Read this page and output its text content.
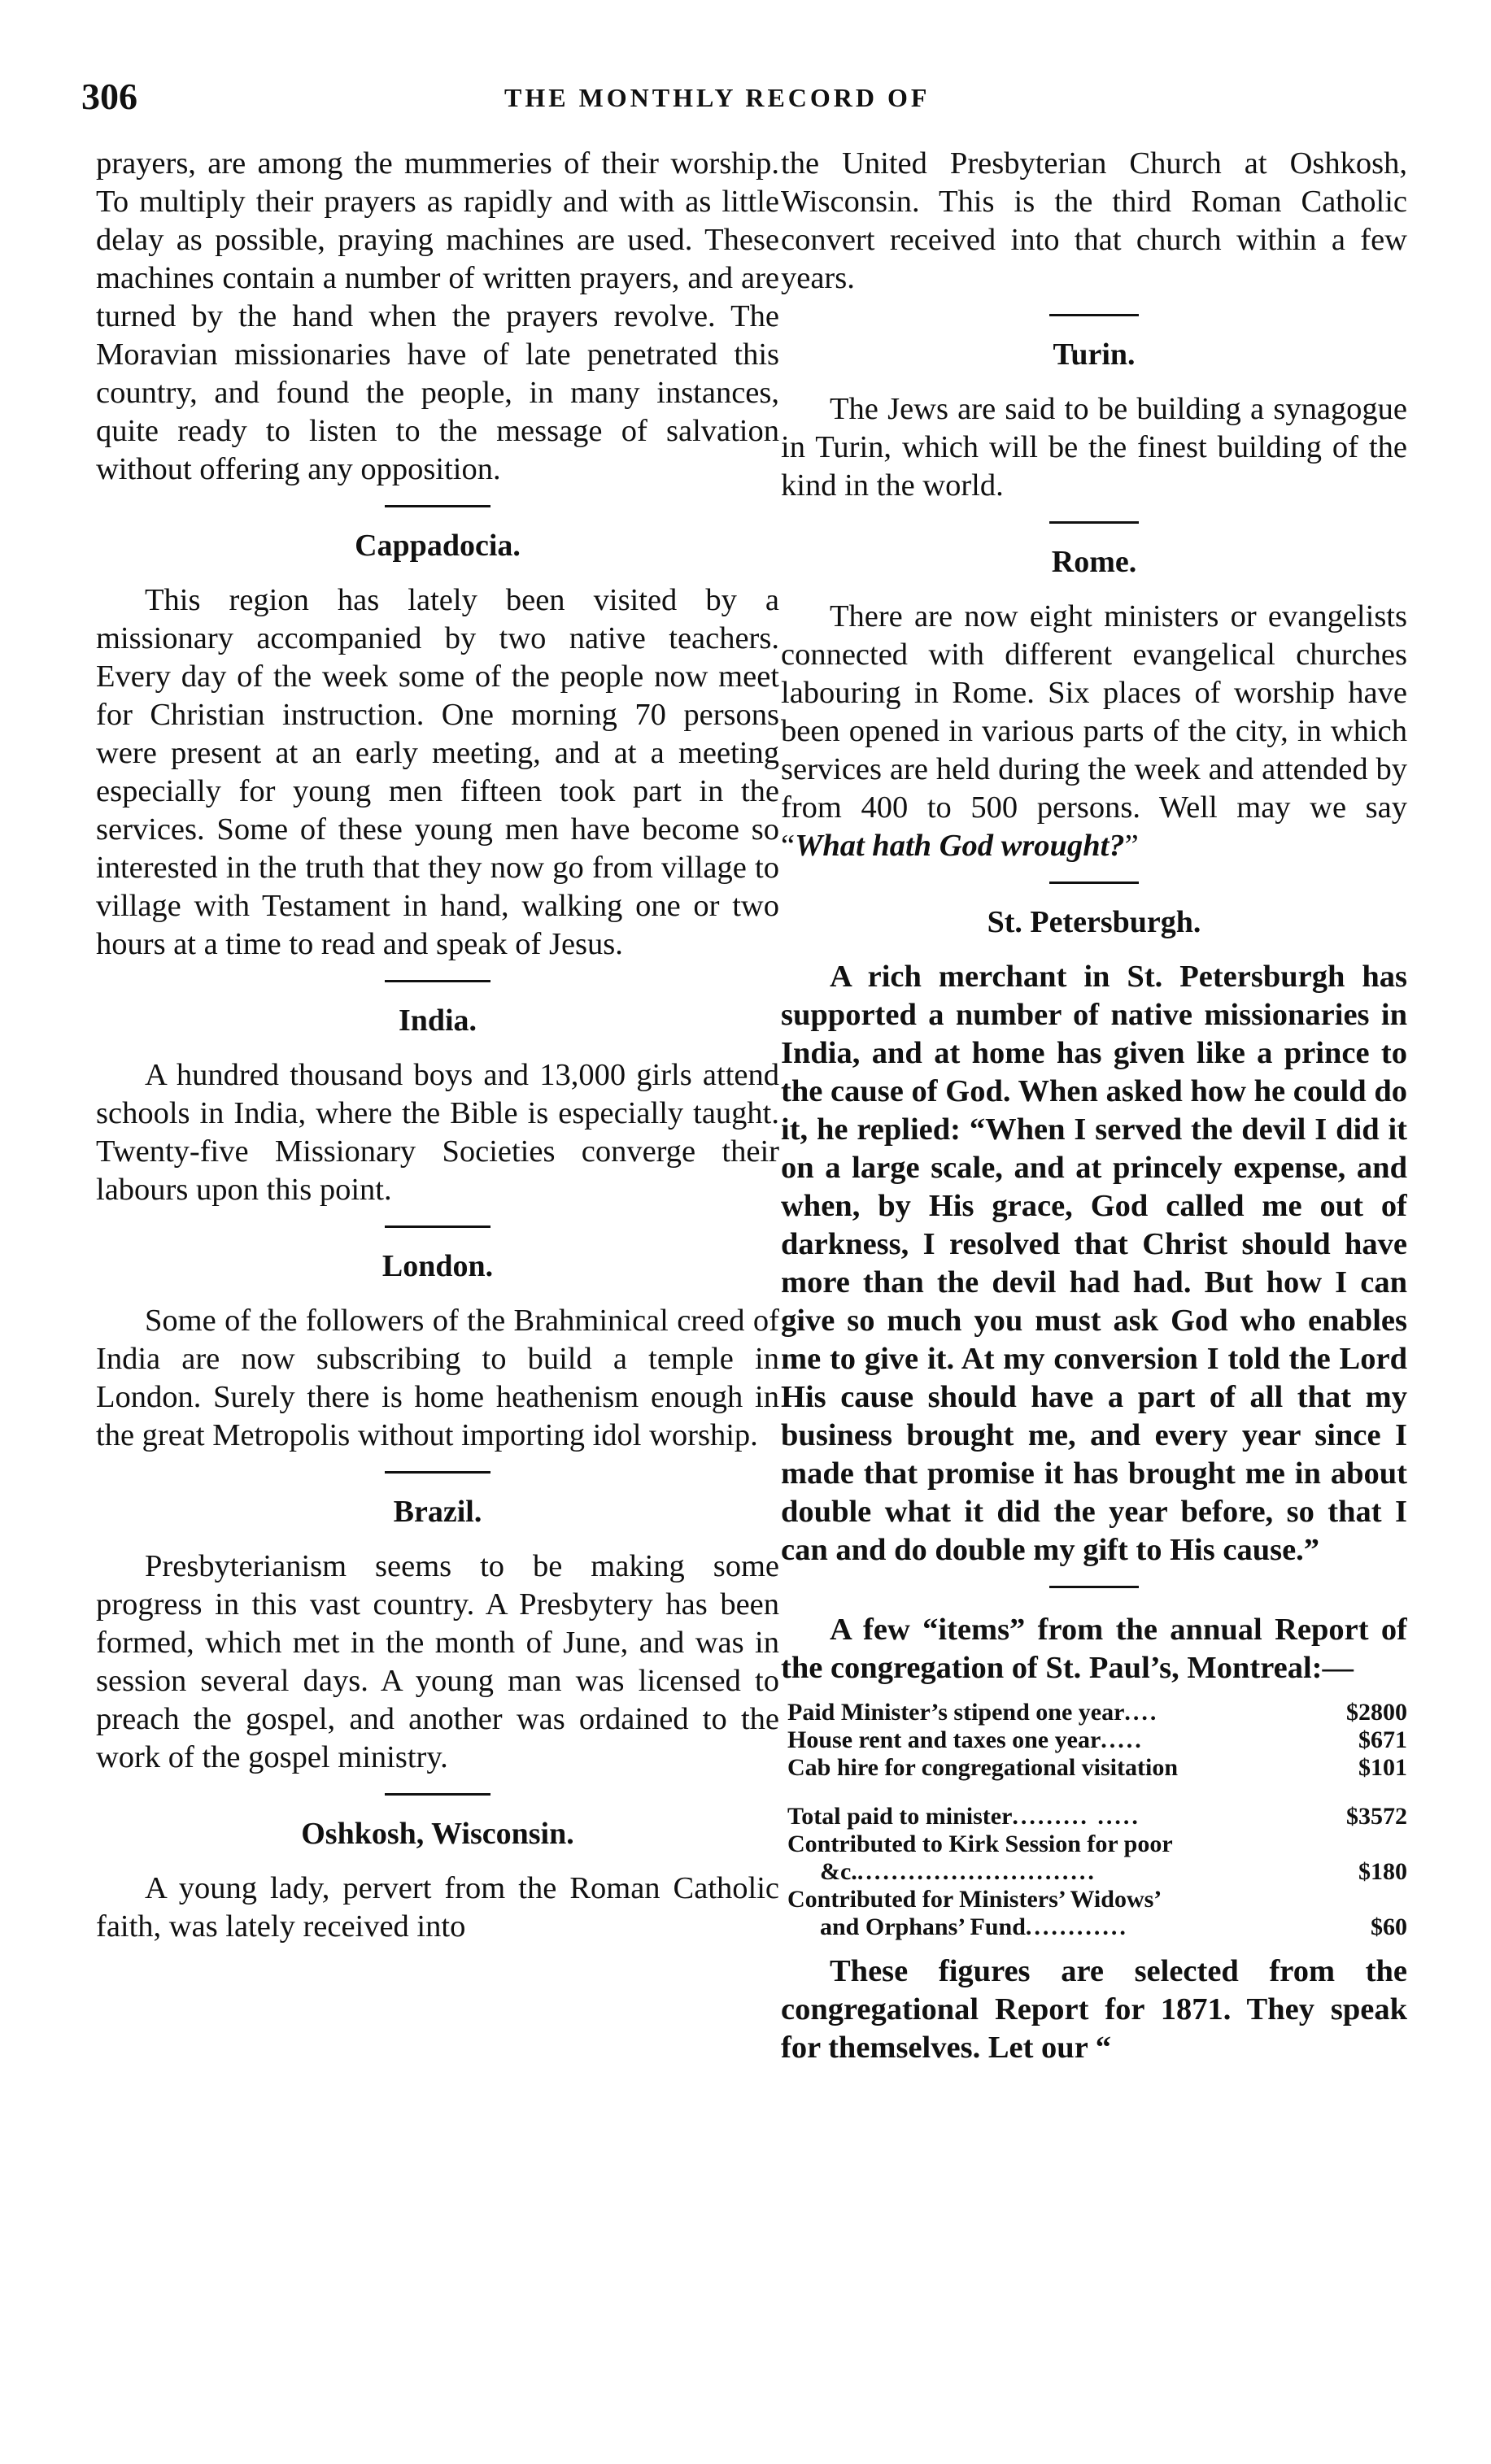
306	THE MONTHLY RECORD OF

prayers, are among the mummeries of their worship. To multiply their prayers as rapidly and with as little delay as possible, praying machines are used. These machines contain a number of written prayers, and are turned by the hand when the prayers revolve. The Moravian missionaries have of late penetrated this country, and found the people, in many instances, quite ready to listen to the message of salvation without offering any opposition.

Cappadocia.

This region has lately been visited by a missionary accompanied by two native teachers. Every day of the week some of the people now meet for Christian instruction. One morning 70 persons were present at an early meeting, and at a meeting especially for young men fifteen took part in the services. Some of these young men have become so interested in the truth that they now go from village to village with Testament in hand, walking one or two hours at a time to read and speak of Jesus.

India.

A hundred thousand boys and 13,000 girls attend schools in India, where the Bible is especially taught. Twenty-five Missionary Societies converge their labours upon this point.

London.

Some of the followers of the Brahminical creed of India are now subscribing to build a temple in London. Surely there is home heathenism enough in the great Metropolis without importing idol worship.

Brazil.

Presbyterianism seems to be making some progress in this vast country. A Presbytery has been formed, which met in the month of June, and was in session several days. A young man was licensed to preach the gospel, and another was ordained to the work of the gospel ministry.

Oshkosh, Wisconsin.

A young lady, pervert from the Roman Catholic faith, was lately received into

the United Presbyterian Church at Oshkosh, Wisconsin. This is the third Roman Catholic convert received into that church within a few years.

Turin.

The Jews are said to be building a synagogue in Turin, which will be the finest building of the kind in the world.

Rome.

There are now eight ministers or evangelists connected with different evangelical churches labouring in Rome. Six places of worship have been opened in various parts of the city, in which services are held during the week and attended by from 400 to 500 persons. Well may we say “What hath God wrought?”

St. Petersburgh.

A rich merchant in St. Petersburgh has supported a number of native missionaries in India, and at home has given like a prince to the cause of God. When asked how he could do it, he replied: “When I served the devil I did it on a large scale, and at princely expense, and when, by His grace, God called me out of darkness, I resolved that Christ should have more than the devil had had. But how I can give so much you must ask God who enables me to give it. At my conversion I told the Lord His cause should have a part of all that my business brought me, and every year since I made that promise it has brought me in about double what it did the year before, so that I can and do double my gift to His cause.”

A few “items” from the annual Report of the congregation of St. Paul’s, Montreal:—

Paid Minister’s stipend one year ....	$2800
House rent and taxes one year .....	$671
Cab hire for congregational visitation	$101
Total paid to minister ......... .....	$3572
Contributed to Kirk Session for poor
&c. ............................	$180
Contributed for Ministers’ Widows’
and Orphans’ Fund ............	$60

These figures are selected from the congregational Report for 1871. They speak for themselves. Let our “
